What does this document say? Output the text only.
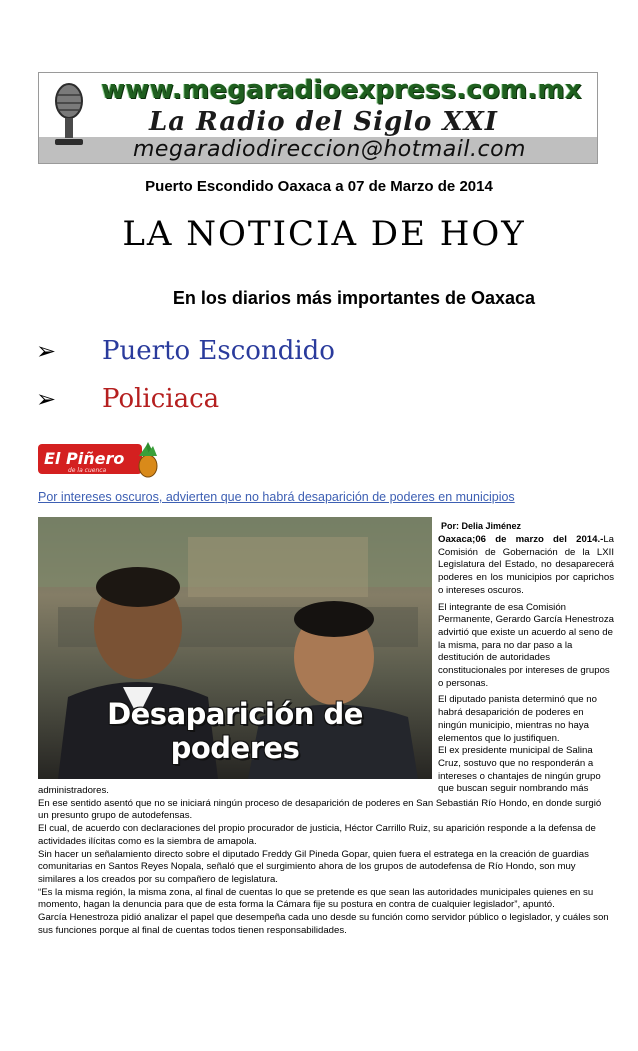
www.megaradioexpress.com.mx
La Radio del Siglo XXI
megaradiodireccion@hotmail.com
Puerto Escondido Oaxaca a 07 de Marzo de 2014
LA NOTICIA DE HOY
En los diarios más importantes de Oaxaca
➢ Puerto Escondido
➢ Policiaca
El Piñero
de la cuenca
Por intereses oscuros, advierten que no habrá desaparición de poderes en municipios
Desaparición de poderes
Por: Delia Jiménez

Oaxaca;06 de marzo del 2014.-La Comisión de Gobernación de la LXII Legislatura del Estado, no desaparecerá poderes en los municipios por caprichos o intereses oscuros.

El integrante de esa Comisión Permanente, Gerardo García Henestroza advirtió que existe un acuerdo al seno de la misma, para no dar paso a la destitución de autoridades constitucionales por intereses de grupos o personas.

El diputado panista determinó que no habrá desaparición de poderes en ningún municipio, mientras no haya elementos que lo justifiquen.

El ex presidente municipal de Salina Cruz, sostuvo que no responderán a intereses o chantajes de ningún grupo que buscan seguir nombrando más

administradores.

En ese sentido asentó que no se iniciará ningún proceso de desaparición de poderes en San Sebastián Río Hondo, en donde surgió un presunto grupo de autodefensas.

El cual, de acuerdo con declaraciones del propio procurador de justicia, Héctor Carrillo Ruiz, su aparición responde a la defensa de actividades ilícitas como es la siembra de amapola.

Sin hacer un señalamiento directo sobre el diputado Freddy Gil Pineda Gopar, quien fuera el estratega en la creación de guardias comunitarias en Santos Reyes Nopala, señaló que el surgimiento ahora de los grupos de autodefensa de Río Hondo, son muy similares a los creados por su compañero de legislatura.

“Es la misma región, la misma zona, al final de cuentas lo que se pretende es que sean las autoridades municipales quienes en su momento, hagan la denuncia para que de esta forma la Cámara fije su postura en contra de cualquier legislador”, apuntó.

García Henestroza pidió analizar el papel que desempeña cada uno desde su función como servidor público o legislador, y cuáles son sus funciones porque al final de cuentas todos tienen responsabilidades.
